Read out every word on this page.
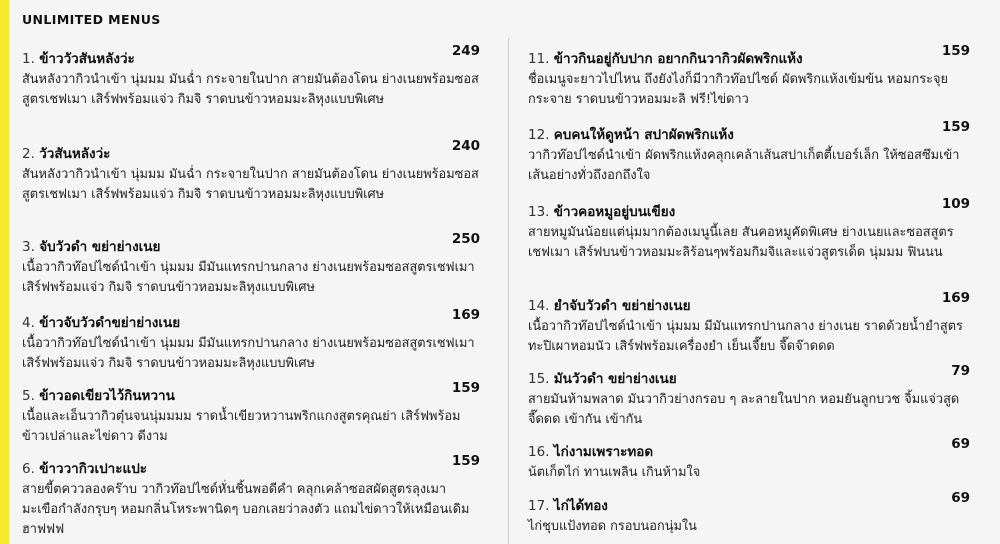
UNLIMITED MENUS
1. ข้าววัวสันหลังว่ะ	249
สันหลังวากิวนำเข้า นุ่มมม มันฉ่ำ กระจายในปาก สายมันต้องโดน ย่างเนยพร้อมซอสสูตรเชฟเมา เสิร์ฟพร้อมแจ่ว กิมจิ ราดบนข้าวหอมมะลิหุงแบบพิเศษ
2. วัวสันหลังว่ะ	240
สันหลังวากิวนำเข้า นุ่มมม มันฉ่ำ กระจายในปาก สายมันต้องโดน ย่างเนยพร้อมซอสสูตรเชฟเมา เสิร์ฟพร้อมแจ่ว กิมจิ ราดบนข้าวหอมมะลิหุงแบบพิเศษ
3. จับวัวดำ ขย่าย่างเนย	250
เนื้อวากิวท๊อปไซด์นำเข้า นุ่มมม มีมันแทรกปานกลาง ย่างเนยพร้อมซอสสูตรเชฟเมา เสิร์ฟพร้อมแจ่ว กิมจิ ราดบนข้าวหอมมะลิหุงแบบพิเศษ
4. ข้าวจับวัวดำขย่าย่างเนย	169
เนื้อวากิวท๊อปไซด์นำเข้า นุ่มมม มีมันแทรกปานกลาง ย่างเนยพร้อมซอสสูตรเชฟเมา เสิร์ฟพร้อมแจ่ว กิมจิ ราดบนข้าวหอมมะลิหุงแบบพิเศษ
5. ข้าวอดเขียวไว้กินหวาน	159
เนื้อและเอ็นวากิวตุ๋นจนนุ่มมมม ราดน้ำเขียวหวานพริกแกงสูตรคุณย่า เสิร์ฟพร้อมข้าวเปล่าและไข่ดาว ดีงาม
6. ข้าววากิวเปาะแปะ	159
สายขี้ตคววลองคร๊าบ วากิวท๊อปไซด์หั่นชิ้นพอดีคำ คลุกเคล้าซอสผัดสูตรลุงเมา มะเขือกำลังกรุบๆ หอมกลิ่นโหระพานิดๆ บอกเลยว่าลงตัว แถมไข่ดาวให้เหมือนเดิมฮาฟฟฟ
11. ข้าวกินอยู่กับปาก อยากกินวากิวผัดพริกแห้ง	159
ชื่อเมนูจะยาวไปไหน ถึงยังไงก็มีวากิวท๊อปไซด์ ผัดพริกแห้งเข้มข้น หอมกระจุยกระจาย ราดบนข้าวหอมมะลิ ฟรี!ไข่ดาว
12. คบคนให้ดูหน้า สปาผัดพริกแห้ง	159
วากิวท๊อปไซด์นำเข้า ผัดพริกแห้งคลุกเคล้าเส้นสปาเก็ตตี้เบอร์เล็ก ให้ซอสซึมเข้าเส้นอย่างทั่วถึงอกถึงใจ
13. ข้าวคอหมูอยู่บนเขียง	109
สายหมูมันน้อยแต่นุ่มมากต้องเมนูนี้เลย สันคอหมูคัดพิเศษ ย่างเนยและซอสสูตรเชฟเมา เสิร์ฟบนข้าวหอมมะลิร้อนๆพร้อมกิมจิและแจ่วสูตรเด็ด นุ่มมม ฟินนน
14. ยำจับวัวดำ ขย่าย่างเนย	169
เนื้อวากิวท๊อปไซด์นำเข้า นุ่มมม มีมันแทรกปานกลาง ย่างเนย ราดด้วยน้ำยำสูตรทะปิเผาหอมนัว เสิร์ฟพร้อมเครื่องยำ เย็นเจี๊ยบ จี๊ดจ๊าดดด
15. มันวัวดำ ขย่าย่างเนย	79
สายมันห้ามพลาด มันวากิวย่างกรอบ ๆ ละลายในปาก หอมยันลูกบวช จิ้มแจ่วสูดจี๊ดดด เข้ากัน เข้ากัน
16. ไก่งามเพราะทอด	69
น้ตเก็ตไก่ ทานเพลิน เกินห้ามใจ
17. ไก่ได้ทอง	69
ไก่ชุบแป้งทอด กรอบนอกนุ่มใน
